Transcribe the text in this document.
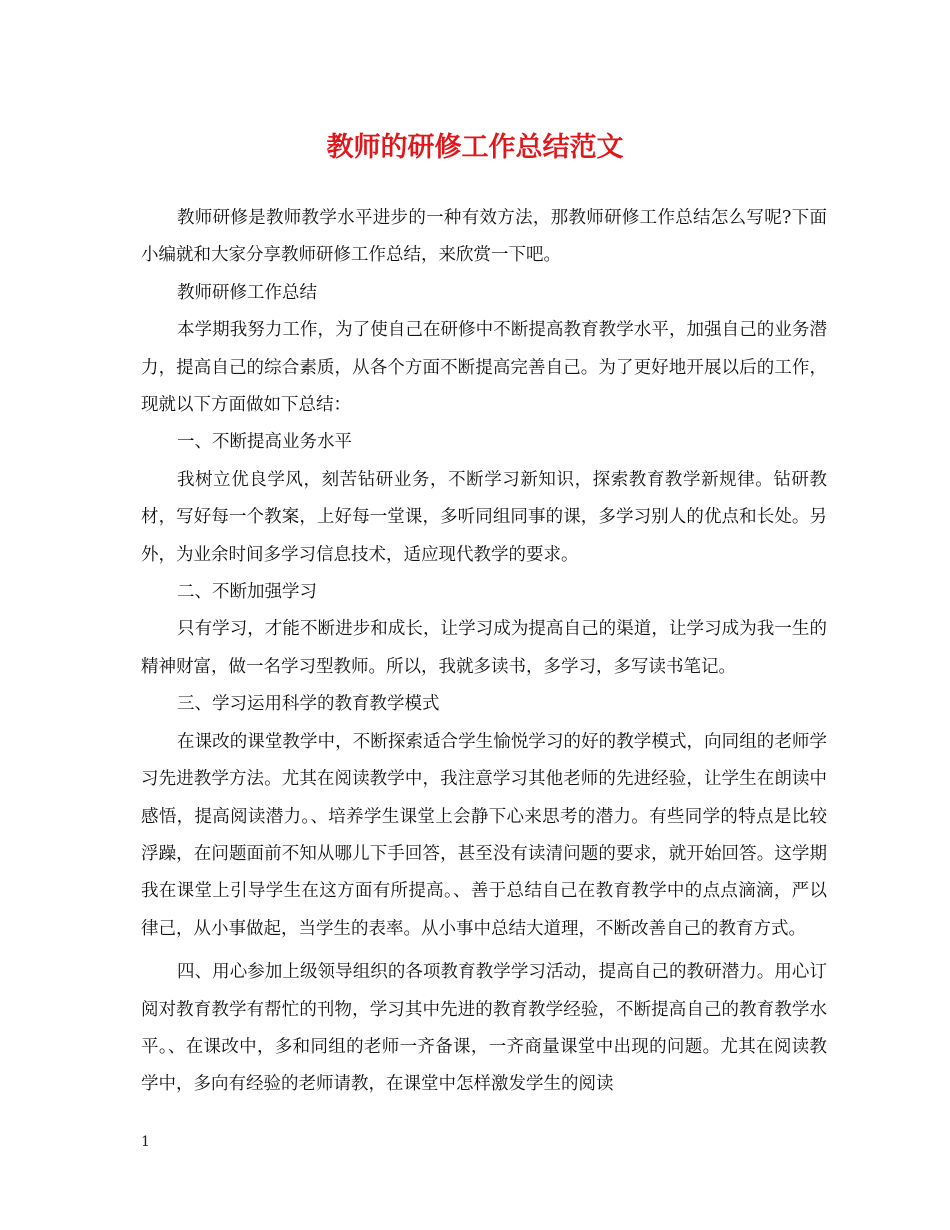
教师的研修工作总结范文

教师研修是教师教学水平进步的一种有效方法，那教师研修工作总结怎么写呢?下面小编就和大家分享教师研修工作总结，来欣赏一下吧。

教师研修工作总结

本学期我努力工作，为了使自己在研修中不断提高教育教学水平，加强自己的业务潜力，提高自己的综合素质，从各个方面不断提高完善自己。为了更好地开展以后的工作，现就以下方面做如下总结：

一、不断提高业务水平

我树立优良学风，刻苦钻研业务，不断学习新知识，探索教育教学新规律。钻研教材，写好每一个教案，上好每一堂课，多听同组同事的课，多学习别人的优点和长处。另外，为业余时间多学习信息技术，适应现代教学的要求。

二、不断加强学习

只有学习，才能不断进步和成长，让学习成为提高自己的渠道，让学习成为我一生的精神财富，做一名学习型教师。所以，我就多读书，多学习，多写读书笔记。

三、学习运用科学的教育教学模式

在课改的课堂教学中，不断探索适合学生愉悦学习的好的教学模式，向同组的老师学习先进教学方法。尤其在阅读教学中，我注意学习其他老师的先进经验，让学生在朗读中感悟，提高阅读潜力。、培养学生课堂上会静下心来思考的潜力。有些同学的特点是比较浮躁，在问题面前不知从哪儿下手回答，甚至没有读清问题的要求，就开始回答。这学期我在课堂上引导学生在这方面有所提高。、善于总结自己在教育教学中的点点滴滴，严以律己，从小事做起，当学生的表率。从小事中总结大道理，不断改善自己的教育方式。

四、用心参加上级领导组织的各项教育教学学习活动，提高自己的教研潜力。用心订阅对教育教学有帮忙的刊物，学习其中先进的教育教学经验，不断提高自己的教育教学水平。、在课改中，多和同组的老师一齐备课，一齐商量课堂中出现的问题。尤其在阅读教学中，多向有经验的老师请教，在课堂中怎样激发学生的阅读

1
